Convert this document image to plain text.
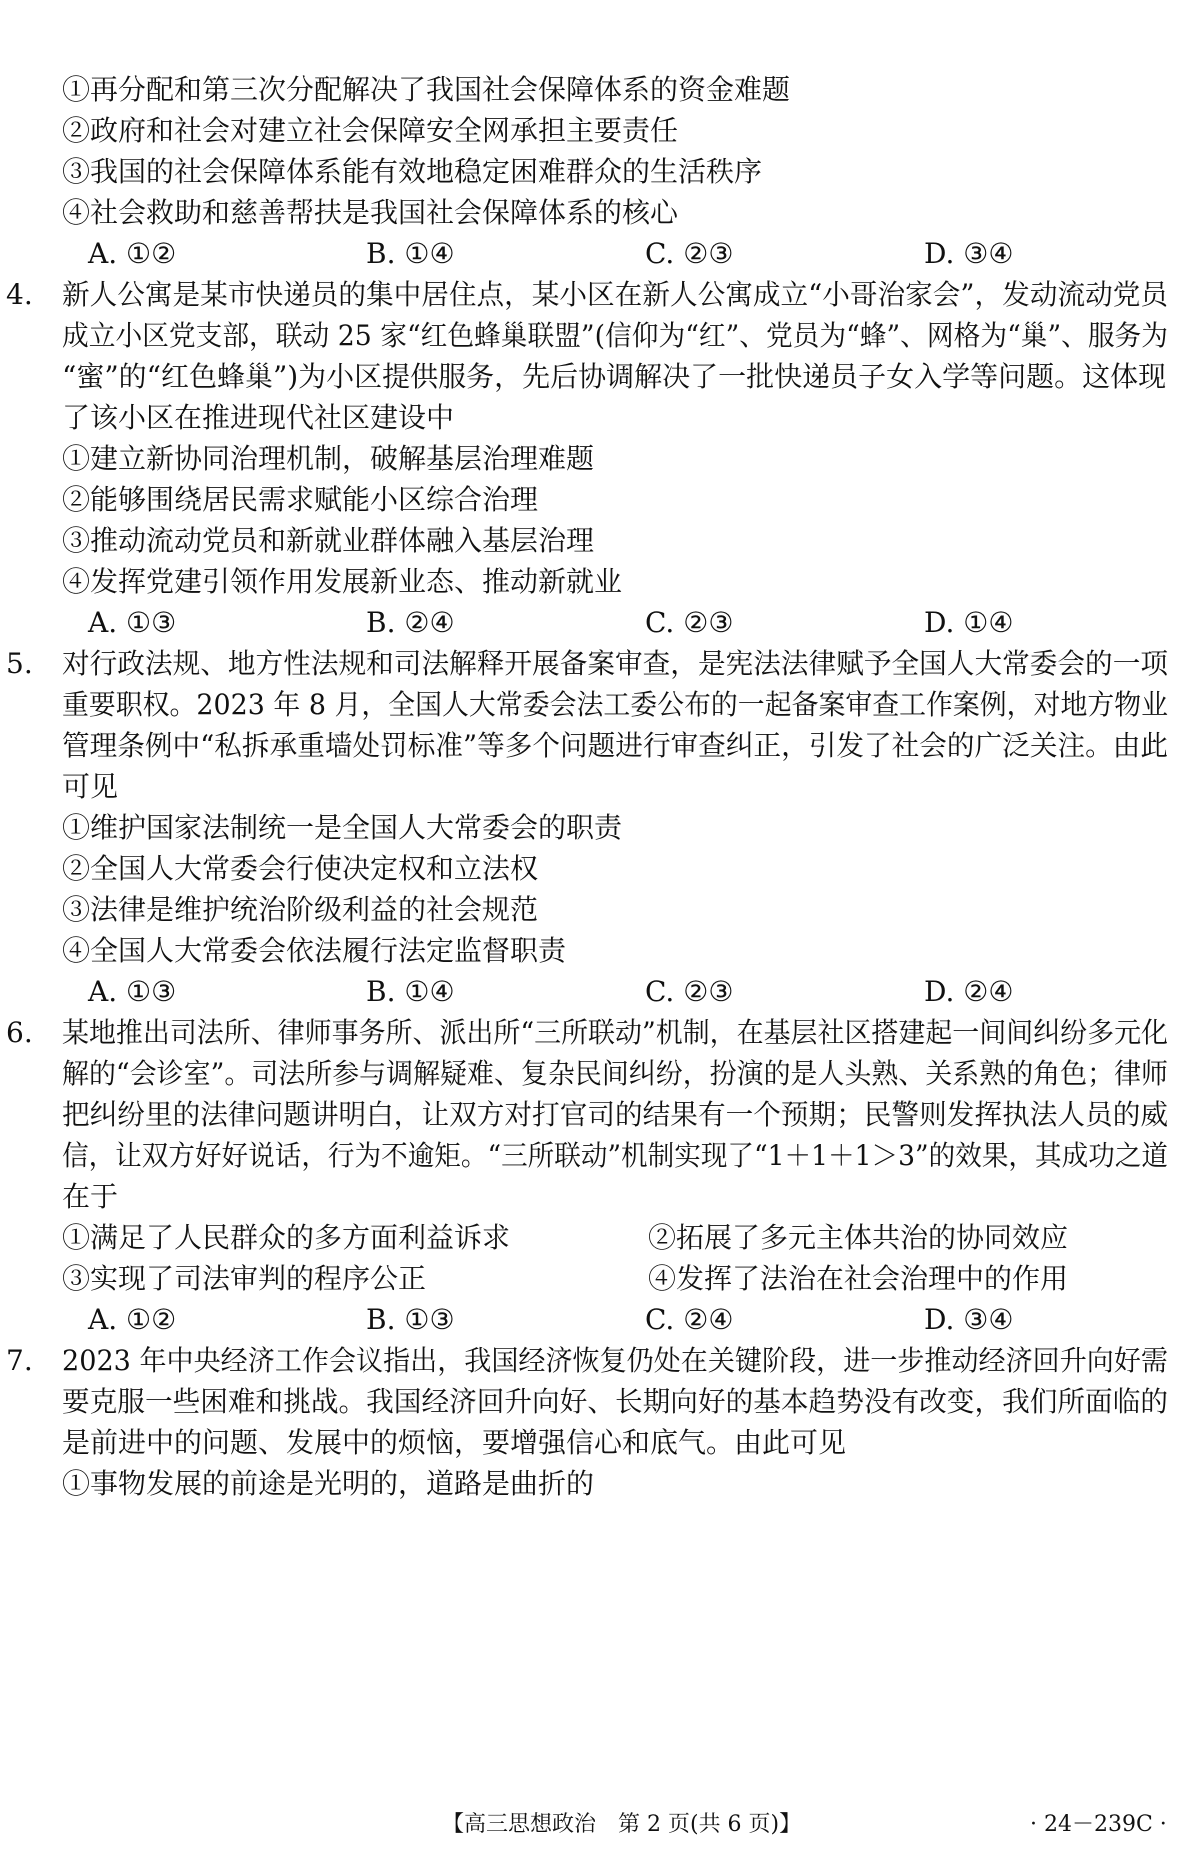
①再分配和第三次分配解决了我国社会保障体系的资金难题
②政府和社会对建立社会保障安全网承担主要责任
③我国的社会保障体系能有效地稳定困难群众的生活秩序
④社会救助和慈善帮扶是我国社会保障体系的核心
A. ①②	B. ①④	C. ②③	D. ③④
4. 新人公寓是某市快递员的集中居住点，某小区在新人公寓成立“小哥治家会”，发动流动党员
成立小区党支部，联动 25 家“红色蜂巢联盟”(信仰为“红”、党员为“蜂”、网格为“巢”、服务为
“蜜”的“红色蜂巢”)为小区提供服务，先后协调解决了一批快递员子女入学等问题。这体现
了该小区在推进现代社区建设中
①建立新协同治理机制，破解基层治理难题
②能够围绕居民需求赋能小区综合治理
③推动流动党员和新就业群体融入基层治理
④发挥党建引领作用发展新业态、推动新就业
A. ①③	B. ②④	C. ②③	D. ①④
5. 对行政法规、地方性法规和司法解释开展备案审查，是宪法法律赋予全国人大常委会的一项
重要职权。2023 年 8 月，全国人大常委会法工委公布的一起备案审查工作案例，对地方物业
管理条例中“私拆承重墙处罚标准”等多个问题进行审查纠正，引发了社会的广泛关注。由此
可见
①维护国家法制统一是全国人大常委会的职责
②全国人大常委会行使决定权和立法权
③法律是维护统治阶级利益的社会规范
④全国人大常委会依法履行法定监督职责
A. ①③	B. ①④	C. ②③	D. ②④
6. 某地推出司法所、律师事务所、派出所“三所联动”机制，在基层社区搭建起一间间纠纷多元化
解的“会诊室”。司法所参与调解疑难、复杂民间纠纷，扮演的是人头熟、关系熟的角色；律师
把纠纷里的法律问题讲明白，让双方对打官司的结果有一个预期；民警则发挥执法人员的威
信，让双方好好说话，行为不逾矩。“三所联动”机制实现了“1＋1＋1＞3”的效果，其成功之道
在于
①满足了人民群众的多方面利益诉求	②拓展了多元主体共治的协同效应
③实现了司法审判的程序公正	④发挥了法治在社会治理中的作用
A. ①②	B. ①③	C. ②④	D. ③④
7. 2023 年中央经济工作会议指出，我国经济恢复仍处在关键阶段，进一步推动经济回升向好需
要克服一些困难和挑战。我国经济回升向好、长期向好的基本趋势没有改变，我们所面临的
是前进中的问题、发展中的烦恼，要增强信心和底气。由此可见
①事物发展的前途是光明的，道路是曲折的
【高三思想政治　第 2 页(共 6 页)】	· 24－239C ·
